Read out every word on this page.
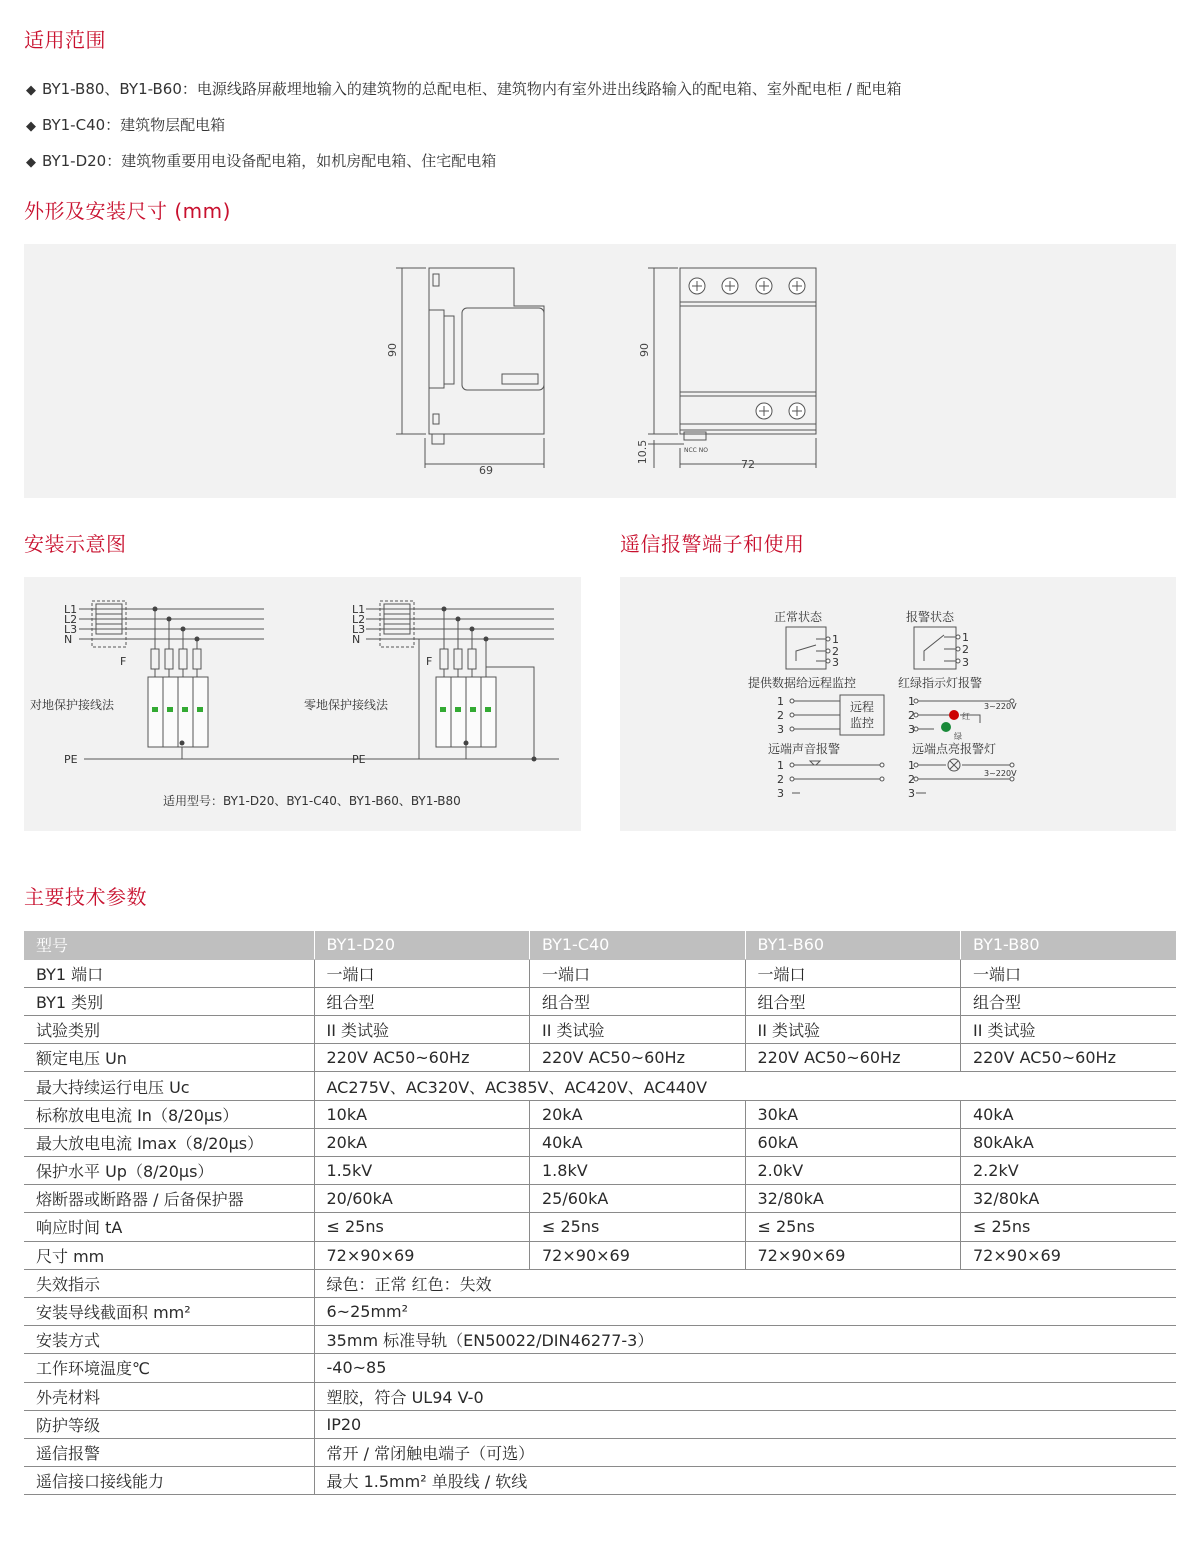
适用范围
◆ BY1-B80、BY1-B60：电源线路屏蔽埋地输入的建筑物的总配电柜、建筑物内有室外进出线路输入的配电箱、室外配电柜 / 配电箱
◆ BY1-C40：建筑物层配电箱
◆ BY1-D20：建筑物重要用电设备配电箱，如机房配电箱、住宅配电箱
外形及安装尺寸 (mm)
90
69
90
10.5
72
NCC NO
安装示意图
L1
L2
L3
N
F
PE
L1
L2
L3
N
F
PE
对地保护接线法	零地保护接线法
适用型号：BY1-D20、BY1-C40、BY1-B60、BY1-B80
遥信报警端子和使用
正常状态	报警状态
提供数据给远程监控	红绿指示灯报警
远程
监控
远端声音报警	远端点亮报警灯
1
2
3
1
2
3
1
2
3
1
2
3
1
2
3
1
2
3
红
绿
3~220V
3~220V
主要技术参数
型号	BY1-D20	BY1-C40	BY1-B60	BY1-B80
BY1 端口	一端口	一端口	一端口	一端口
BY1 类别	组合型	组合型	组合型	组合型
试验类别	II 类试验	II 类试验	II 类试验	II 类试验
额定电压 Un	220V AC50~60Hz	220V AC50~60Hz	220V AC50~60Hz	220V AC50~60Hz
最大持续运行电压 Uc	AC275V、AC320V、AC385V、AC420V、AC440V			
标称放电电流 In（8/20μs）	10kA	20kA	30kA	40kA
最大放电电流 Imax（8/20μs）	20kA	40kA	60kA	80kAkA
保护水平 Up（8/20μs）	1.5kV	1.8kV	2.0kV	2.2kV
熔断器或断路器 / 后备保护器	20/60kA	25/60kA	32/80kA	32/80kA
响应时间 tA	≤ 25ns	≤ 25ns	≤ 25ns	≤ 25ns
尺寸 mm	72×90×69	72×90×69	72×90×69	72×90×69
失效指示	绿色：正常 红色：失效			
安装导线截面积 mm²	6~25mm²			
安装方式	35mm 标准导轨（EN50022/DIN46277-3）			
工作环境温度℃	-40~85			
外壳材料	塑胶，符合 UL94 V-0			
防护等级	IP20			
遥信报警	常开 / 常闭触电端子（可选）			
遥信接口接线能力	最大 1.5mm² 单股线 / 软线			
